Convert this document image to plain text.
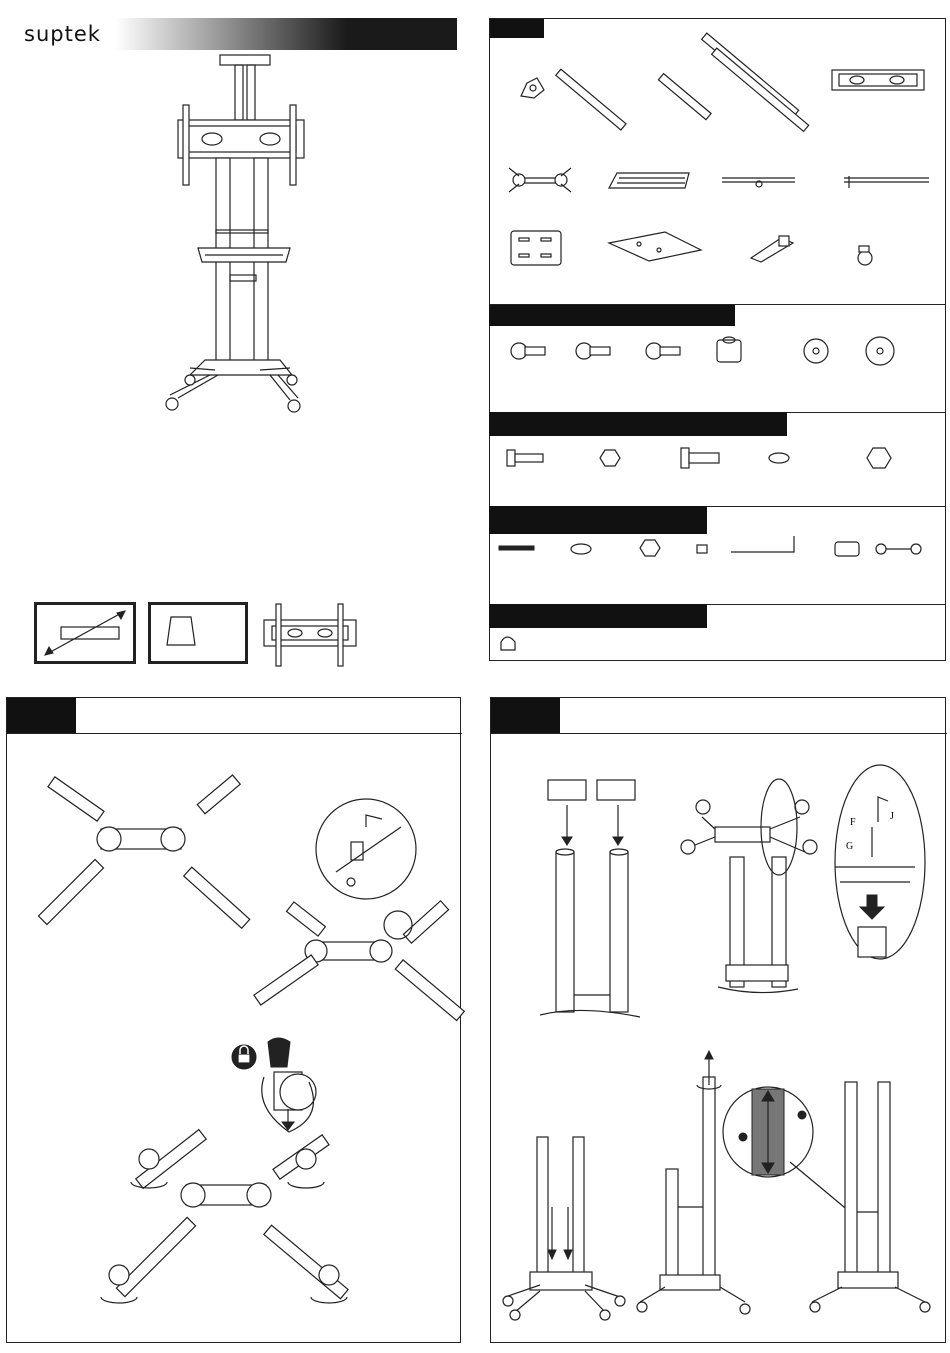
suptek
F
G
J
